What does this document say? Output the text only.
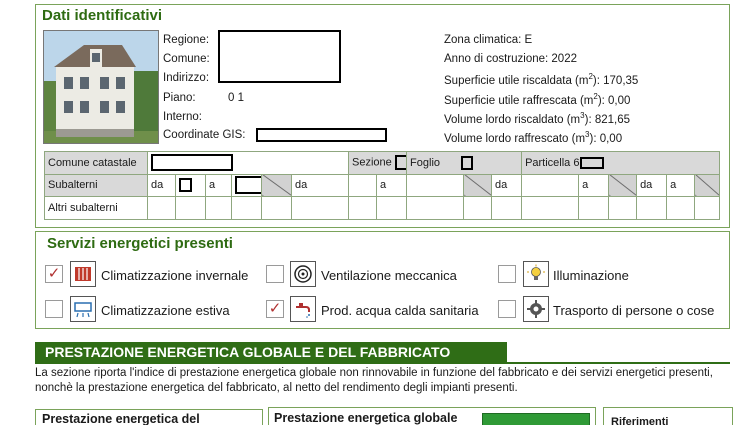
Dati identificativi
Regione:
Comune:
Indirizzo:
Piano:	0 1
Interno:
Coordinate GIS:
Zona climatica: E
Anno di costruzione: 2022
Superficie utile riscaldata $(m^2)$: 170,35
Superficie utile raffrescata $(m^2)$: 0,00
Volume lordo riscaldato $(m^3)$: 821,65
Volume lordo raffrescato $(m^3)$: 0,00
Comune catastale							Sezione		Foglio			Particella 6					
Subalterni	da		a			da		a			da		a		da	a	
Altri subalterni																	
Servizi energetici presenti
✓	Climatizzazione invernale	Ventilazione meccanica	Illuminazione
Climatizzazione estiva	✓	Prod. acqua calda sanitaria	Trasporto di persone o cose
PRESTAZIONE ENERGETICA GLOBALE E DEL FABBRICATO
La sezione riporta l'indice di prestazione energetica globale non rinnovabile in funzione del fabbricato e dei servizi energetici presenti, nonchè la prestazione energetica del fabbricato, al netto del rendimento degli impianti presenti.
Prestazione energetica del	Prestazione energetica globale	Riferimenti
